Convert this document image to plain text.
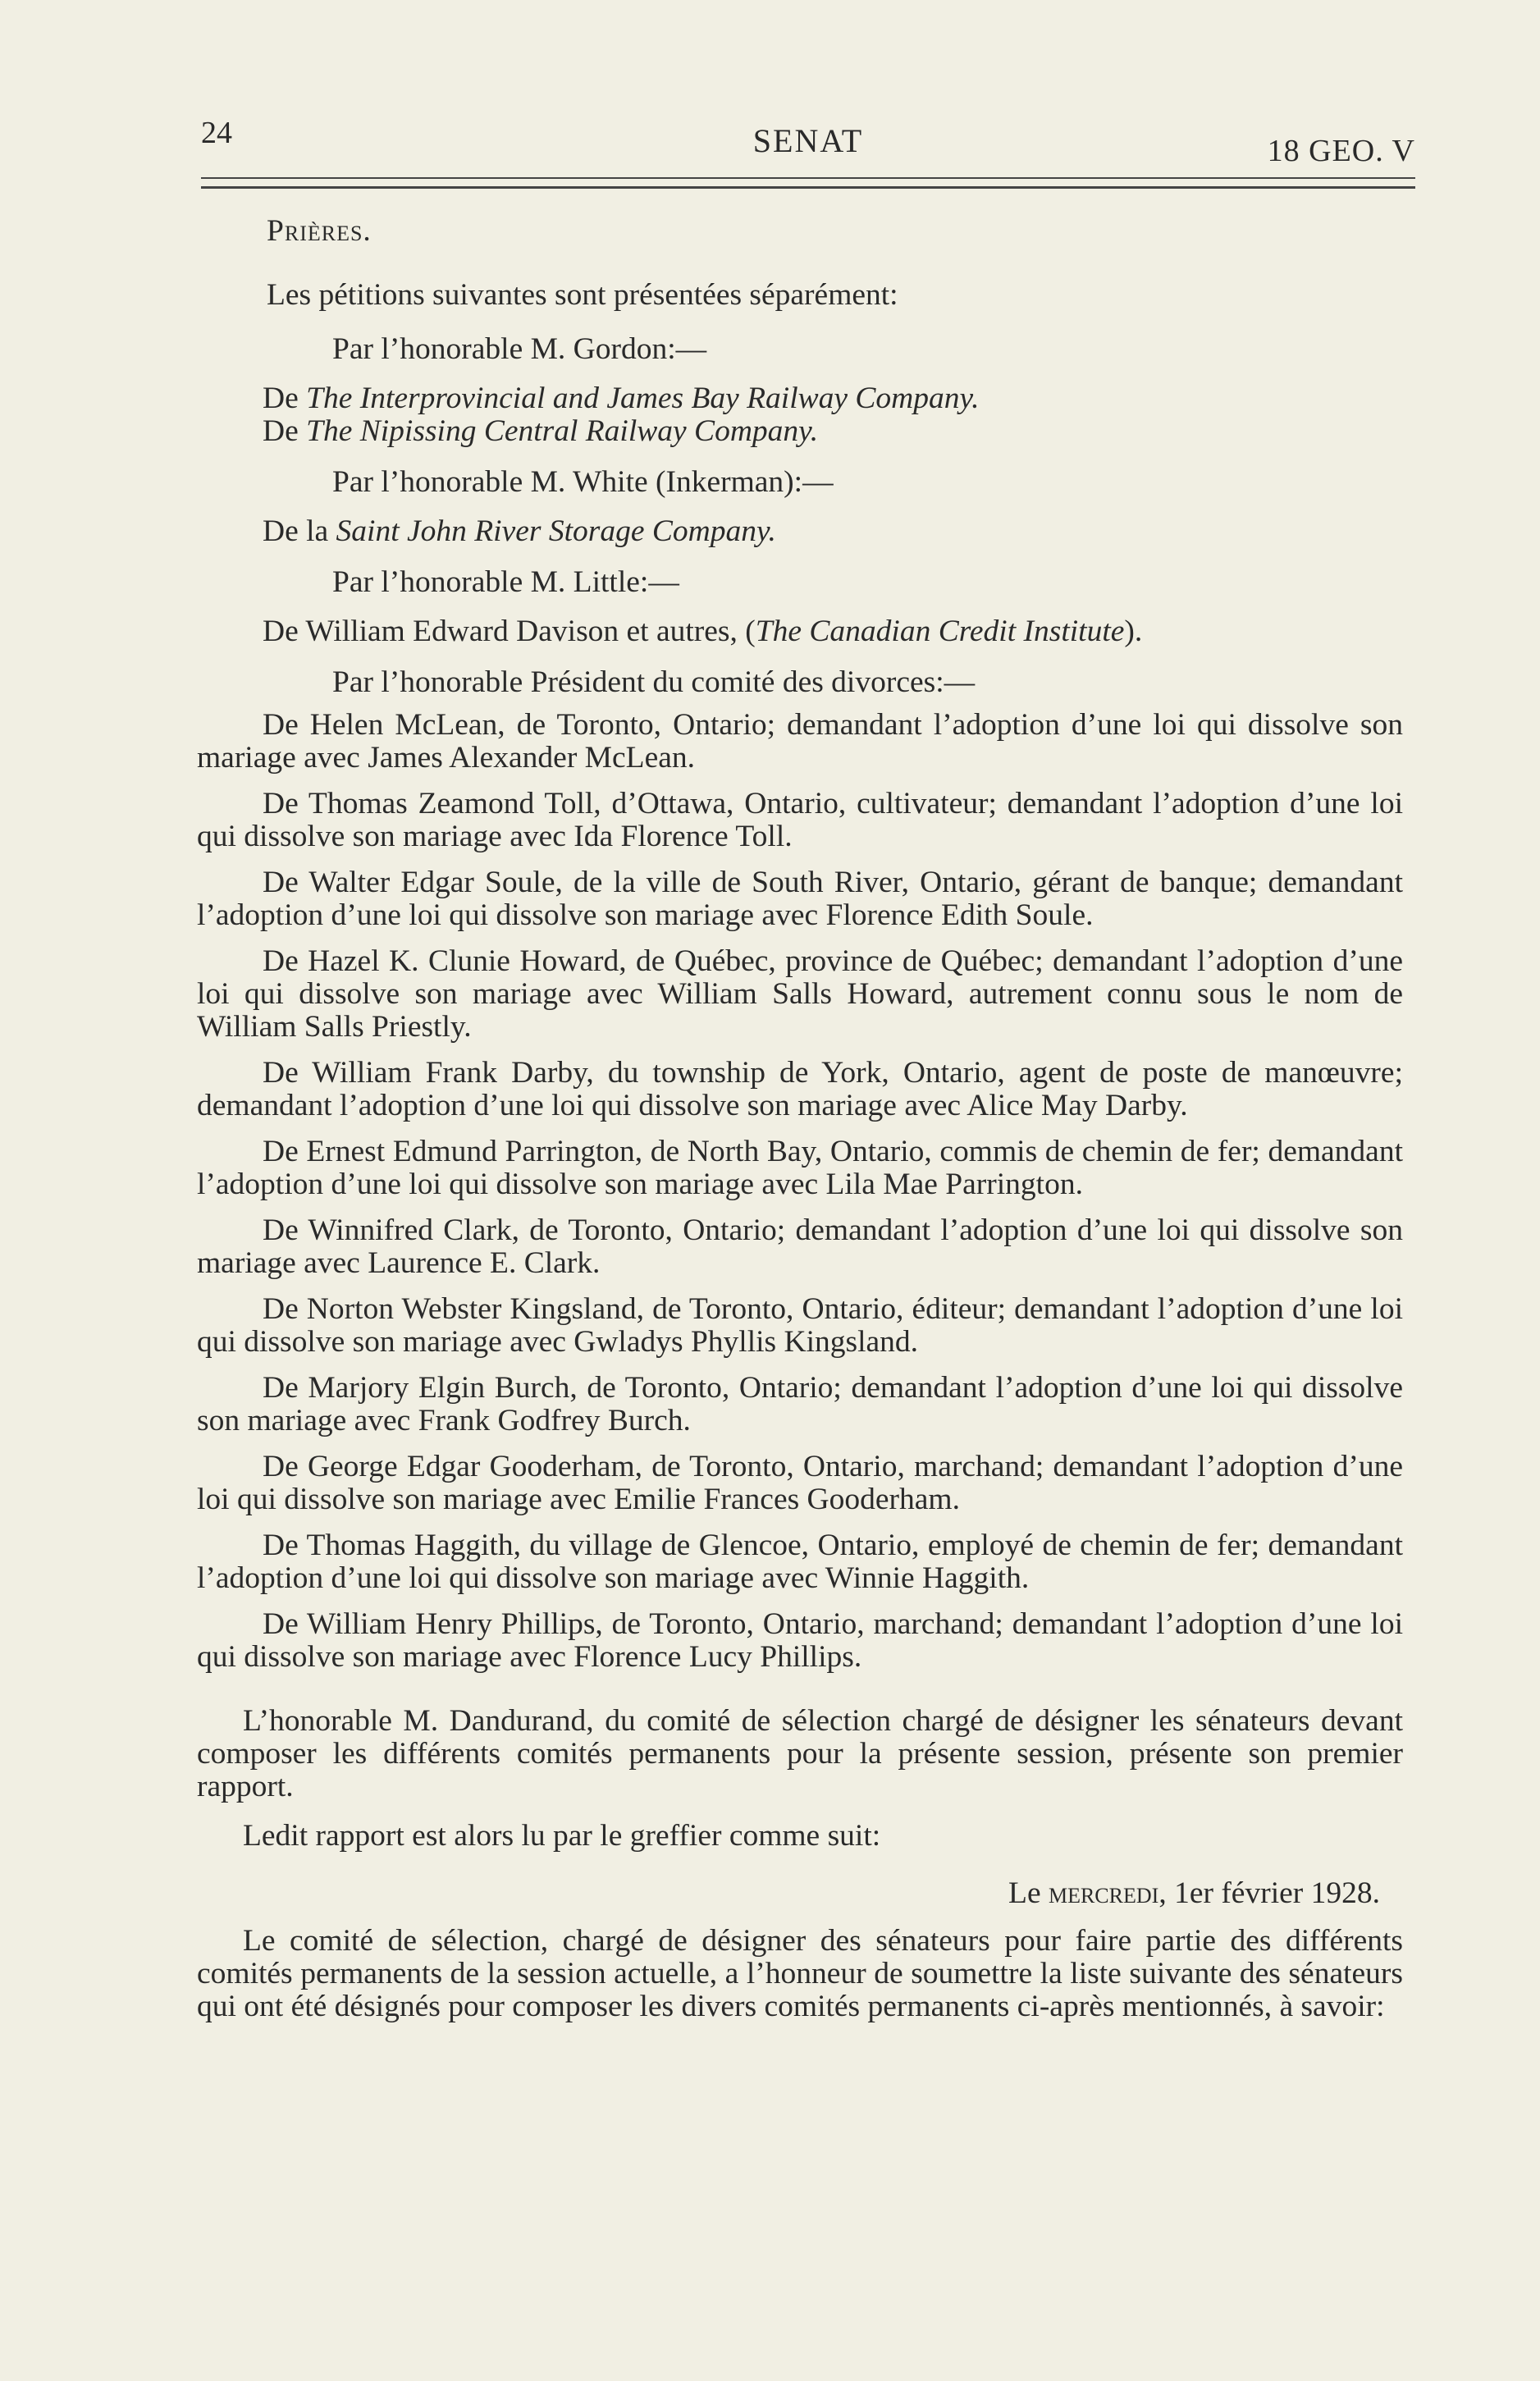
24	SENAT	18 GEO. V

Prières.

Les pétitions suivantes sont présentées séparément:

Par l’honorable M. Gordon:—

De The Interprovincial and James Bay Railway Company.

De The Nipissing Central Railway Company.

Par l’honorable M. White (Inkerman):—

De la Saint John River Storage Company.

Par l’honorable M. Little:—

De William Edward Davison et autres, (The Canadian Credit Institute).

Par l’honorable Président du comité des divorces:—

De Helen McLean, de Toronto, Ontario; demandant l’adoption d’une loi qui dissolve son mariage avec James Alexander McLean.

De Thomas Zeamond Toll, d’Ottawa, Ontario, cultivateur; demandant l’adoption d’une loi qui dissolve son mariage avec Ida Florence Toll.

De Walter Edgar Soule, de la ville de South River, Ontario, gérant de banque; demandant l’adoption d’une loi qui dissolve son mariage avec Florence Edith Soule.

De Hazel K. Clunie Howard, de Québec, province de Québec; demandant l’adoption d’une loi qui dissolve son mariage avec William Salls Howard, autrement connu sous le nom de William Salls Priestly.

De William Frank Darby, du township de York, Ontario, agent de poste de manœuvre; demandant l’adoption d’une loi qui dissolve son mariage avec Alice May Darby.

De Ernest Edmund Parrington, de North Bay, Ontario, commis de chemin de fer; demandant l’adoption d’une loi qui dissolve son mariage avec Lila Mae Parrington.

De Winnifred Clark, de Toronto, Ontario; demandant l’adoption d’une loi qui dissolve son mariage avec Laurence E. Clark.

De Norton Webster Kingsland, de Toronto, Ontario, éditeur; demandant l’adoption d’une loi qui dissolve son mariage avec Gwladys Phyllis Kingsland.

De Marjory Elgin Burch, de Toronto, Ontario; demandant l’adoption d’une loi qui dissolve son mariage avec Frank Godfrey Burch.

De George Edgar Gooderham, de Toronto, Ontario, marchand; demandant l’adoption d’une loi qui dissolve son mariage avec Emilie Frances Gooderham.

De Thomas Haggith, du village de Glencoe, Ontario, employé de chemin de fer; demandant l’adoption d’une loi qui dissolve son mariage avec Winnie Haggith.

De William Henry Phillips, de Toronto, Ontario, marchand; demandant l’adoption d’une loi qui dissolve son mariage avec Florence Lucy Phillips.

L’honorable M. Dandurand, du comité de sélection chargé de désigner les sénateurs devant composer les différents comités permanents pour la présente session, présente son premier rapport.

Ledit rapport est alors lu par le greffier comme suit:

Le mercredi, 1er février 1928.

Le comité de sélection, chargé de désigner des sénateurs pour faire partie des différents comités permanents de la session actuelle, a l’honneur de soumettre la liste suivante des sénateurs qui ont été désignés pour composer les divers comités permanents ci-après mentionnés, à savoir:
